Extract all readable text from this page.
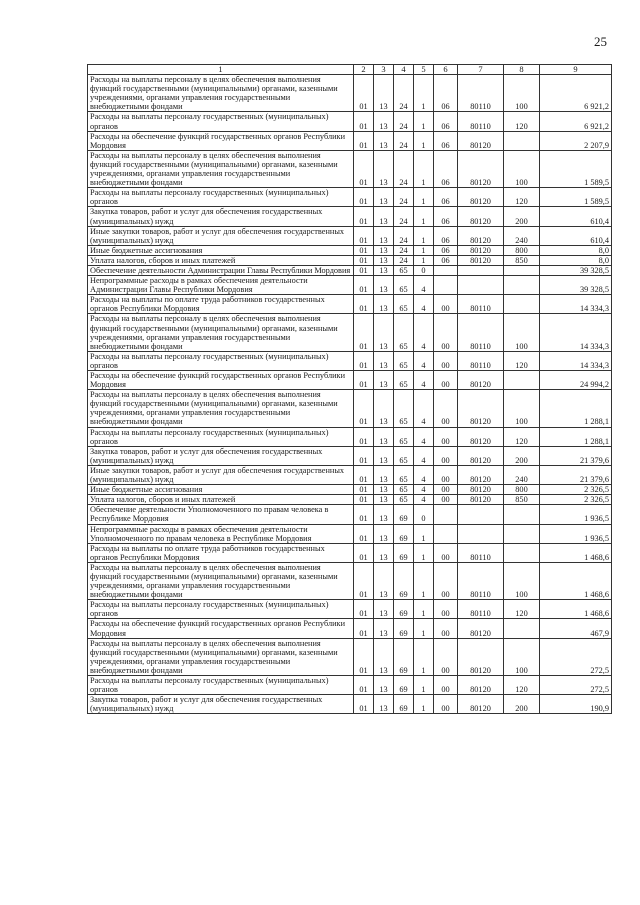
25
1	2	3	4	5	6	7	8	9
Расходы на выплаты персоналу в целях обеспечения выполнения функций государственными (муниципальными) органами, казенными учреждениями, органами управления государственными внебюджетными фондами	01	13	24	1	06	80110	100	6 921,2
Расходы на выплаты персоналу государственных (муниципальных) органов	01	13	24	1	06	80110	120	6 921,2
Расходы на обеспечение функций государственных органов Республики Мордовия	01	13	24	1	06	80120		2 207,9
Расходы на выплаты персоналу в целях обеспечения выполнения функций государственными (муниципальными) органами, казенными учреждениями, органами управления государственными внебюджетными фондами	01	13	24	1	06	80120	100	1 589,5
Расходы на выплаты персоналу государственных (муниципальных) органов	01	13	24	1	06	80120	120	1 589,5
Закупка товаров, работ и услуг для обеспечения государственных (муниципальных) нужд	01	13	24	1	06	80120	200	610,4
Иные закупки товаров, работ и услуг для обеспечения государственных (муниципальных) нужд	01	13	24	1	06	80120	240	610,4
Иные бюджетные ассигнования	01	13	24	1	06	80120	800	8,0
Уплата налогов, сборов и иных платежей	01	13	24	1	06	80120	850	8,0
Обеспечение деятельности Администрации Главы Республики Мордовия	01	13	65	0				39 328,5
Непрограммные расходы в рамках обеспечения деятельности Администрации Главы Республики Мордовия	01	13	65	4				39 328,5
Расходы на выплаты по оплате труда работников государственных органов Республики Мордовия	01	13	65	4	00	80110		14 334,3
Расходы на выплаты персоналу в целях обеспечения выполнения функций государственными (муниципальными) органами, казенными учреждениями, органами управления государственными внебюджетными фондами	01	13	65	4	00	80110	100	14 334,3
Расходы на выплаты персоналу государственных (муниципальных) органов	01	13	65	4	00	80110	120	14 334,3
Расходы на обеспечение функций государственных органов Республики Мордовия	01	13	65	4	00	80120		24 994,2
Расходы на выплаты персоналу в целях обеспечения выполнения функций государственными (муниципальными) органами, казенными учреждениями, органами управления государственными внебюджетными фондами	01	13	65	4	00	80120	100	1 288,1
Расходы на выплаты персоналу государственных (муниципальных) органов	01	13	65	4	00	80120	120	1 288,1
Закупка товаров, работ и услуг для обеспечения государственных (муниципальных) нужд	01	13	65	4	00	80120	200	21 379,6
Иные закупки товаров, работ и услуг для обеспечения государственных (муниципальных) нужд	01	13	65	4	00	80120	240	21 379,6
Иные бюджетные ассигнования	01	13	65	4	00	80120	800	2 326,5
Уплата налогов, сборов и иных платежей	01	13	65	4	00	80120	850	2 326,5
Обеспечение деятельности Уполномоченного по правам человека в Республике Мордовия	01	13	69	0				1 936,5
Непрограммные расходы в рамках обеспечения деятельности Уполномоченного по правам человека в Республике Мордовия	01	13	69	1				1 936,5
Расходы на выплаты по оплате труда работников государственных органов Республики Мордовия	01	13	69	1	00	80110		1 468,6
Расходы на выплаты персоналу в целях обеспечения выполнения функций государственными (муниципальными) органами, казенными учреждениями, органами управления государственными внебюджетными фондами	01	13	69	1	00	80110	100	1 468,6
Расходы на выплаты персоналу государственных (муниципальных) органов	01	13	69	1	00	80110	120	1 468,6
Расходы на обеспечение функций государственных органов Республики Мордовия	01	13	69	1	00	80120		467,9
Расходы на выплаты персоналу в целях обеспечения выполнения функций государственными (муниципальными) органами, казенными учреждениями, органами управления государственными внебюджетными фондами	01	13	69	1	00	80120	100	272,5
Расходы на выплаты персоналу государственных (муниципальных) органов	01	13	69	1	00	80120	120	272,5
Закупка товаров, работ и услуг для обеспечения государственных (муниципальных) нужд	01	13	69	1	00	80120	200	190,9
